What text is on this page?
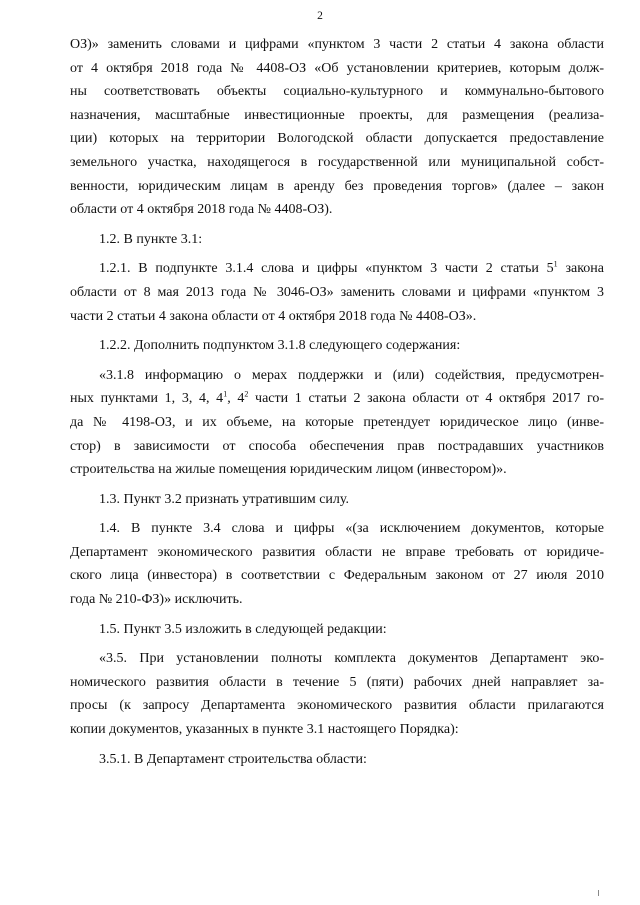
2
ОЗ)» заменить словами и цифрами «пунктом 3 части 2 статьи 4 закона области
от 4 октября 2018 года № 4408-ОЗ «Об установлении критериев, которым долж-
ны соответствовать объекты социально-культурного и коммунально-бытового
назначения, масштабные инвестиционные проекты, для размещения (реализа-
ции) которых на территории Вологодской области допускается предоставление
земельного участка, находящегося в государственной или муниципальной собст-
венности, юридическим лицам в аренду без проведения торгов» (далее – закон
области от 4 октября 2018 года № 4408-ОЗ).
1.2. В пункте 3.1:
1.2.1. В подпункте 3.1.4 слова и цифры «пунктом 3 части 2 статьи $5^1$ закона
области от 8 мая 2013 года № 3046-ОЗ» заменить словами и цифрами «пунктом 3
части 2 статьи 4 закона области от 4 октября 2018 года № 4408-ОЗ».
1.2.2. Дополнить подпунктом 3.1.8 следующего содержания:
«3.1.8 информацию о мерах поддержки и (или) содействия, предусмотрен-
ных пунктами 1, 3, 4, $4^1$, $4^2$ части 1 статьи 2 закона области от 4 октября 2017 го-
да № 4198-ОЗ, и их объеме, на которые претендует юридическое лицо (инве-
стор) в зависимости от способа обеспечения прав пострадавших участников
строительства на жилые помещения юридическим лицом (инвестором)».
1.3. Пункт 3.2 признать утратившим силу.
1.4. В пункте 3.4 слова и цифры «(за исключением документов, которые
Департамент экономического развития области не вправе требовать от юридиче-
ского лица (инвестора) в соответствии с Федеральным законом от 27 июля 2010
года № 210-ФЗ)» исключить.
1.5. Пункт 3.5 изложить в следующей редакции:
«3.5. При установлении полноты комплекта документов Департамент эко-
номического развития области в течение 5 (пяти) рабочих дней направляет за-
просы (к запросу Департамента экономического развития области прилагаются
копии документов, указанных в пункте 3.1 настоящего Порядка):
3.5.1. В Департамент строительства области:
